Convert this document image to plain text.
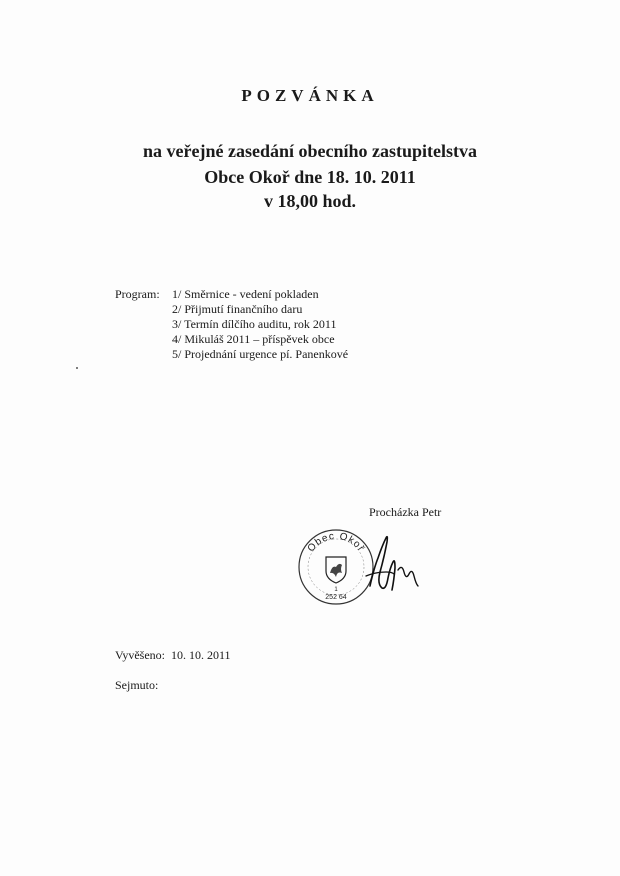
POZVÁNKA
na veřejné zasedání obecního zastupitelstva
Obce Okoř dne 18. 10. 2011
v 18,00 hod.
Program: 1/ Směrnice - vedení pokladen
2/ Přijmutí finančního daru
3/ Termín dílčího auditu, rok 2011
4/ Mikuláš 2011 – příspěvek obce
5/ Projednání urgence pí. Panenkové
Procházka Petr
Obec Okoř
1
252 64
Vyvěšeno: 10. 10. 2011
Sejmuto:
